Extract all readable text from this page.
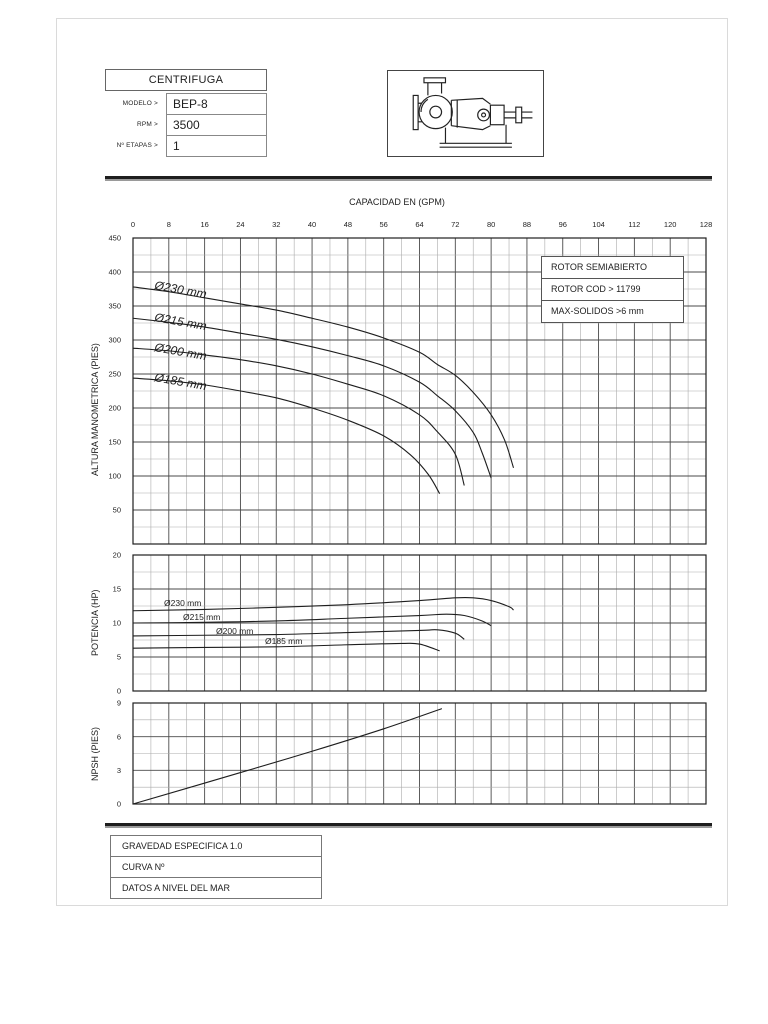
CENTRIFUGA
MODELO >	BEP-8
RPM >	3500
Nº ETAPAS >	1
CAPACIDAD EN (GPM)
ALTURA MANOMETRICA (PIES)
POTENCIA (HP)
NPSH (PIES)
50
100
150
200
250
300
350
400
450
0	8	16	24	32	40	48	56	64	72	80	88	96	104	112	120	128
Ø230 mm
Ø215 mm
Ø200 mm
Ø185 mm
0
5
10
15
20
Ø230 mm
Ø215 mm
Ø200 mm
Ø185 mm
0
3
6
9
ROTOR SEMIABIERTO
ROTOR COD > 11799
MAX-SOLIDOS >6 mm
GRAVEDAD ESPECIFICA 1.0
CURVA Nº
DATOS A NIVEL DEL MAR
